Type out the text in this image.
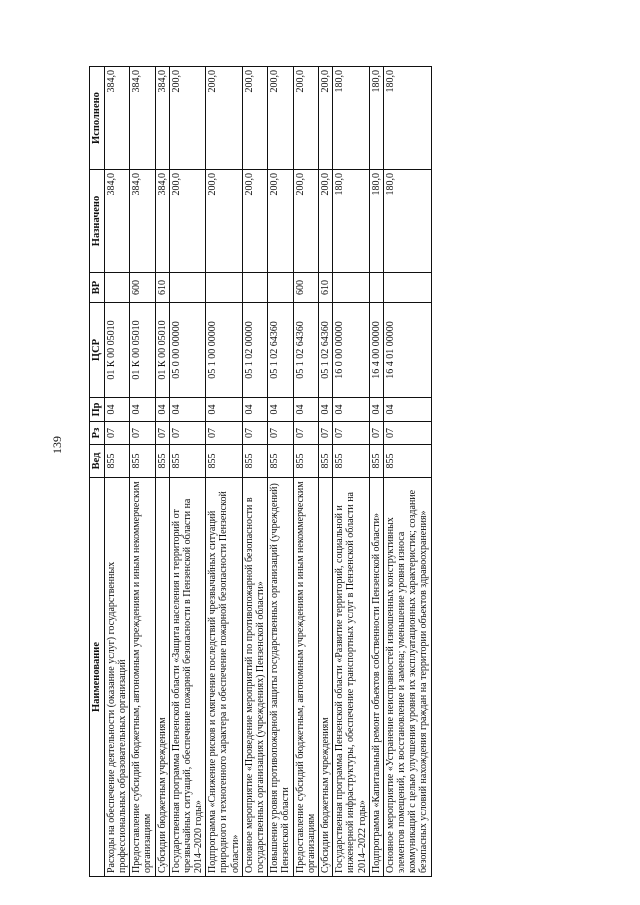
139
Наименование	Вед	Рз	Пр	ЦСР	ВР	Назначено	Исполнено
Расходы на обеспечение деятельности (оказание услуг) государственных профессиональных образовательных организаций	855	07	04	01 К 00 05010		384,0	384,0
Предоставление субсидий бюджетным, автономным учреждениям и иным некоммерческим организациям	855	07	04	01 К 00 05010	600	384,0	384,0
Субсидии бюджетным учреждениям	855	07	04	01 К 00 05010	610	384,0	384,0
Государственная программа Пензенской области «Защита населения и территорий от чрезвычайных ситуаций, обеспечение пожарной безопасности в Пензенской области на 2014–2020 годы»	855	07	04	05 0 00 00000		200,0	200,0
Подпрограмма «Снижение рисков и смягчение последствий чрезвычайных ситуаций природного и техногенного характера и обеспечение пожарной безопасности Пензенской области»	855	07	04	05 1 00 00000		200,0	200,0
Основное мероприятие «Проведение мероприятий по противопожарной безопасности в государственных организациях (учреждениях) Пензенской области»	855	07	04	05 1 02 00000		200,0	200,0
Повышение уровня противопожарной защиты государственных организаций (учреждений) Пензенской области	855	07	04	05 1 02 64360		200,0	200,0
Предоставление субсидий бюджетным, автономным учреждениям и иным некоммерческим организациям	855	07	04	05 1 02 64360	600	200,0	200,0
Субсидии бюджетным учреждениям	855	07	04	05 1 02 64360	610	200,0	200,0
Государственная программа Пензенской области «Развитие территорий, социальной и инженерной инфраструктуры, обеспечение транспортных услуг в Пензенской области на 2014–2022 годы»	855	07	04	16 0 00 00000		180,0	180,0
Подпрограмма «Капитальный ремонт объектов собственности Пензенской области»	855	07	04	16 4 00 00000		180,0	180,0
Основное мероприятие «Устранение неисправностей изношенных конструктивных элементов помещений, их восстановление и замена; уменьшение уровня износа коммуникаций с целью улучшения уровня их эксплуатационных характеристик; создание безопасных условий нахождения граждан на территории объектов здравоохранения»	855	07	04	16 4 01 00000		180,0	180,0
